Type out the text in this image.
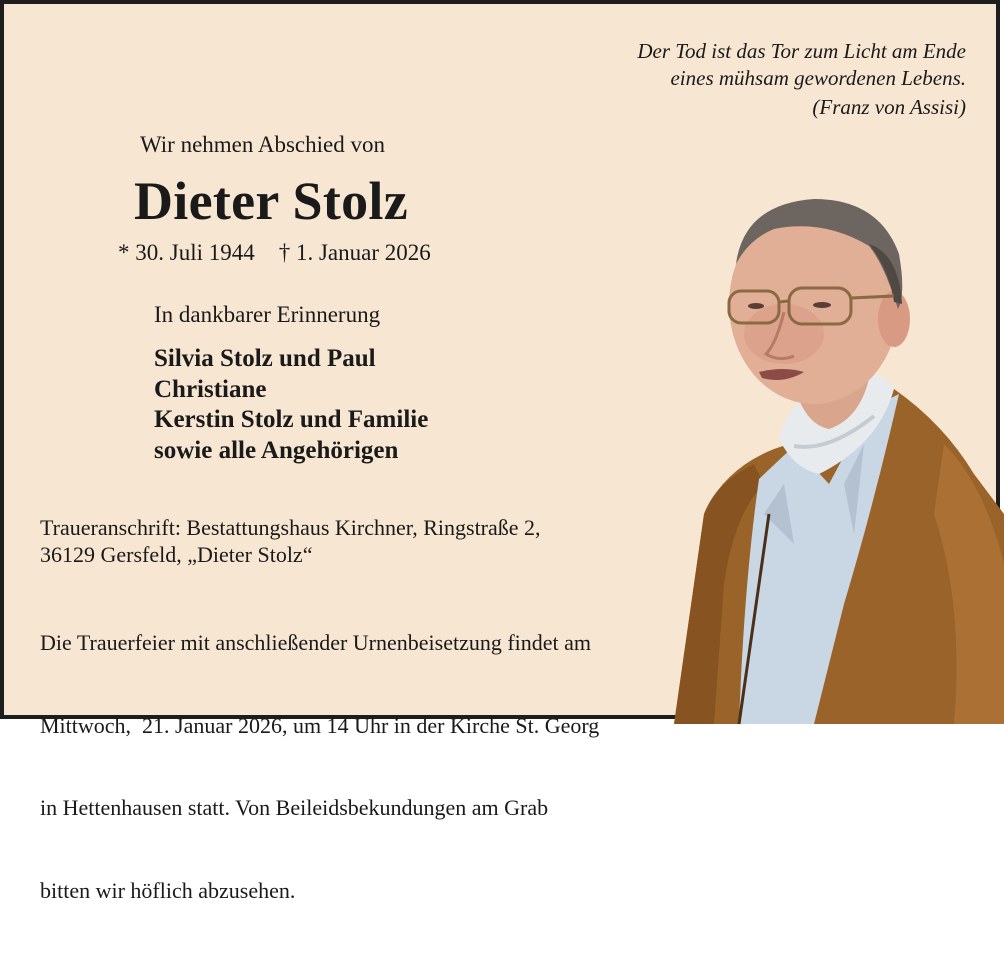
Der Tod ist das Tor zum Licht am Ende
eines mühsam gewordenen Lebens.
(Franz von Assisi)
Wir nehmen Abschied von
Dieter Stolz
* 30. Juli 1944 † 1. Januar 2026
In dankbarer Erinnerung
Silvia Stolz und Paul
Christiane
Kerstin Stolz und Familie
sowie alle Angehörigen
Traueranschrift: Bestattungshaus Kirchner, Ringstraße 2,
36129 Gersfeld, „Dieter Stolz“

Die Trauerfeier mit anschließender Urnenbeisetzung findet am

Mittwoch,  21. Januar 2026, um 14 Uhr in der Kirche St. Georg

in Hettenhausen statt. Von Beileidsbekundungen am Grab

bitten wir höflich abzusehen.
